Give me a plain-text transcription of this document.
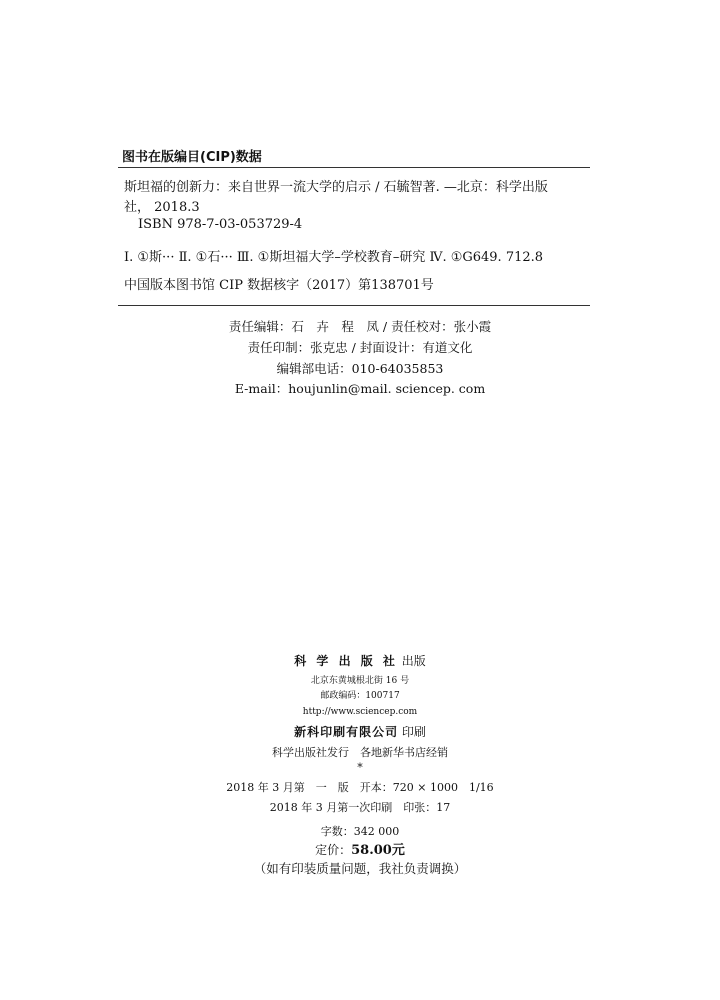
图书在版编目(CIP)数据
斯坦福的创新力：来自世界一流大学的启示 / 石毓智著. —北京：科学出版
社， 2018.3
ISBN 978-7-03-053729-4
Ⅰ. ①斯··· Ⅱ. ①石··· Ⅲ. ①斯坦福大学–学校教育–研究 Ⅳ. ①G649. 712.8
中国版本图书馆 CIP 数据核字（2017）第138701号
责任编辑：石　卉　程　凤 / 责任校对：张小霞
责任印制：张克忠 / 封面设计：有道文化
编辑部电话：010-64035853
E-mail：houjunlin@mail. sciencep. com
科 学 出 版 社 出版
北京东黄城根北街 16 号
邮政编码：100717
http://www.sciencep.com
新科印刷有限公司 印刷
科学出版社发行　各地新华书店经销
*
2018 年 3 月第　一　版　开本：720 × 1000　1/16
2018 年 3 月第一次印刷　印张：17
字数：342 000
定价：58.00元
（如有印装质量问题，我社负责调换）
